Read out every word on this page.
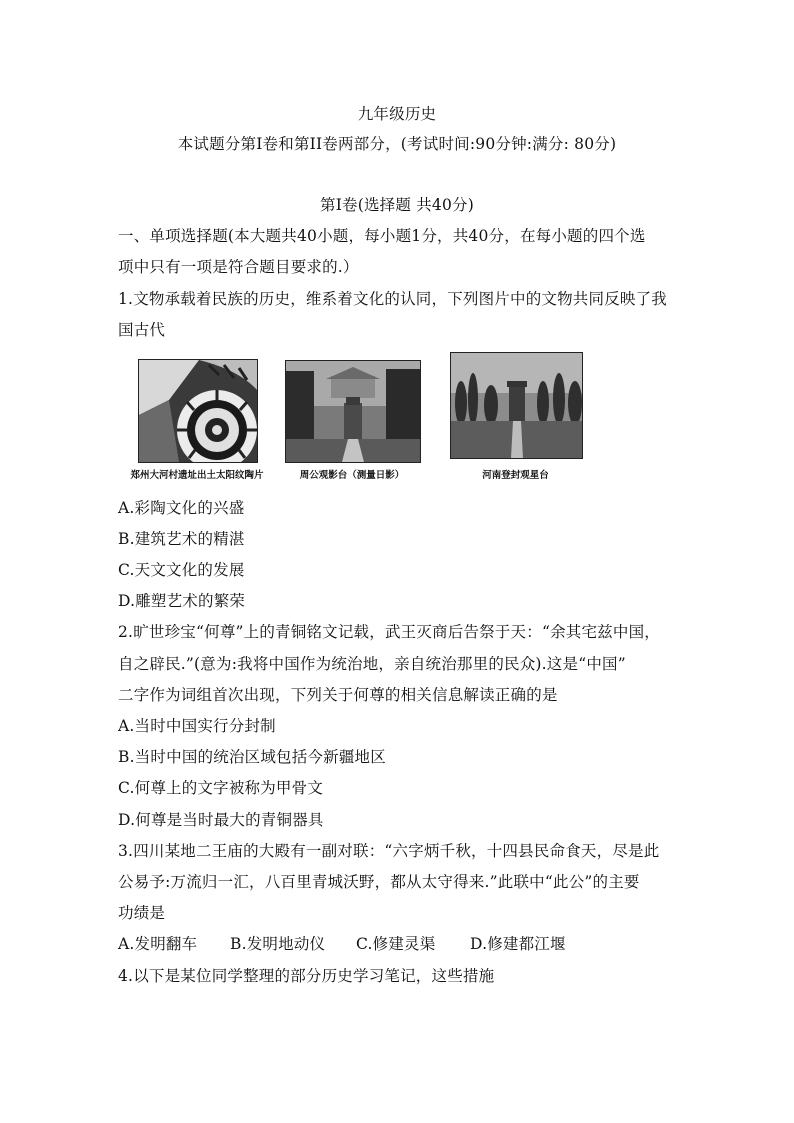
九年级历史
本试题分第I卷和第II卷两部分，(考试时间:90分钟:满分: 80分)
第I卷(选择题 共40分)
一、单项选择题(本大题共40小题，每小题1分，共40分，在每小题的四个选
项中只有一项是符合题目要求的.）
1.文物承载着民族的历史，维系着文化的认同，下列图片中的文物共同反映了我
国古代
郑州大河村遗址出土太阳纹陶片	周公观影台（测量日影）	河南登封观星台
A.彩陶文化的兴盛
B.建筑艺术的精湛
C.天文文化的发展
D.雕塑艺术的繁荣
2.旷世珍宝“何尊”上的青铜铭文记载，武王灭商后告祭于天：“余其宅兹中国，
自之辟民.”(意为:我将中国作为统治地，亲自统治那里的民众).这是“中国”
二字作为词组首次出现，下列关于何尊的相关信息解读正确的是
A.当时中国实行分封制
B.当时中国的统治区域包括今新疆地区
C.何尊上的文字被称为甲骨文
D.何尊是当时最大的青铜器具
3.四川某地二王庙的大殿有一副对联：“六字炳千秋，十四县民命食天，尽是此
公易予:万流归一汇，八百里青城沃野，都从太守得来.”此联中“此公”的主要
功绩是
A.发明翻车 B.发明地动仪 C.修建灵渠 D.修建都江堰
4.以下是某位同学整理的部分历史学习笔记，这些措施
